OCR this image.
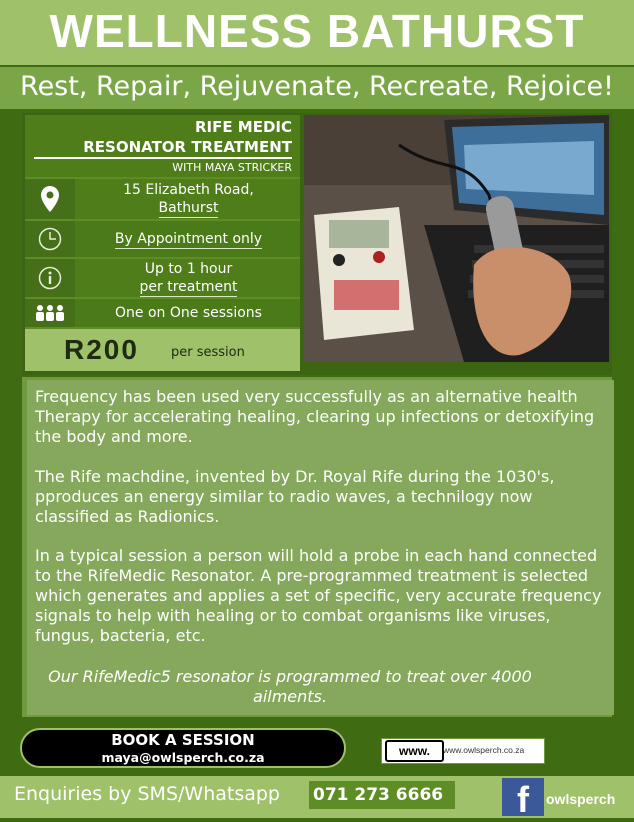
WELLNESS BATHURST
Rest, Repair, Rejuvenate, Recreate, Rejoice!
RIFE MEDIC
RESONATOR TREATMENT
WITH MAYA STRICKER
15 Elizabeth Road,
Bathurst
By Appointment only
Up to 1 hour
per treatment
One on One sessions
R200 per session
Frequency has been used very successfully as an alternative health Therapy for accelerating healing, clearing up infections or detoxifying the body and more.
The Rife machdine, invented by Dr. Royal Rife during the 1030's, pproduces an energy similar to radio waves, a technilogy now classified as Radionics.
In a typical session a person will hold a probe in each hand connected to the RifeMedic Resonator. A pre-programmed treatment is selected which generates and applies a set of specific, very accurate frequency signals to help with healing or to combat organisms like viruses, fungus, bacteria, etc.
Our RifeMedic5 resonator is programmed to treat over 4000 ailments.
BOOK A SESSION
maya@owlsperch.co.za	www.	www.owlsperch.co.za
Enquiries by SMS/Whatsapp 071 273 6666	f	owlsperch
